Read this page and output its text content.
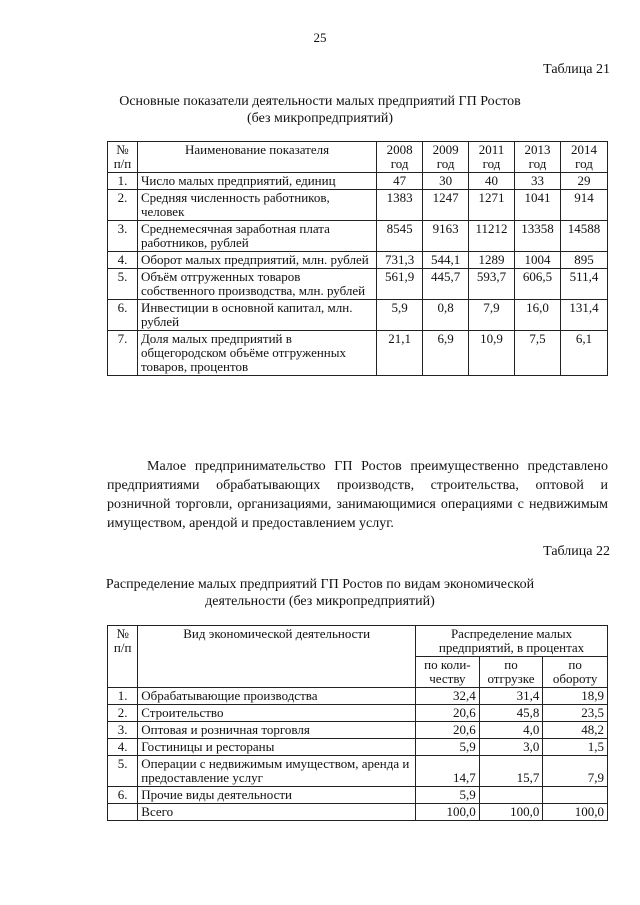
25
Таблица 21
Основные показатели деятельности малых предприятий ГП Ростов
(без микропредприятий)
№ п/п	Наименование показателя	2008 год	2009 год	2011 год	2013 год	2014 год
1.	Число малых предприятий, единиц	47	30	40	33	29
2.	Средняя численность работников, человек	1383	1247	1271	1041	914
3.	Среднемесячная заработная плата работников, рублей	8545	9163	11212	13358	14588
4.	Оборот малых предприятий, млн. рублей	731,3	544,1	1289	1004	895
5.	Объём отгруженных товаров собственного производства, млн. рублей	561,9	445,7	593,7	606,5	511,4
6.	Инвестиции в основной капитал, млн. рублей	5,9	0,8	7,9	16,0	131,4
7.	Доля малых предприятий в общегородском объёме отгруженных товаров, процентов	21,1	6,9	10,9	7,5	6,1
Малое предпринимательство ГП Ростов преимущественно представлено предприятиями обрабатывающих производств, строительства, оптовой и розничной торговли, организациями, занимающимися операциями с недвижимым имуществом, арендой и предоставлением услуг.
Таблица 22
Распределение малых предприятий ГП Ростов по видам экономической
деятельности (без микропредприятий)
№ п/п	Вид экономической деятельности	Распределение малых предприятий, в процентах		
		по коли-честву	по отгрузке	по обороту
1.	Обрабатывающие производства	32,4	31,4	18,9
2.	Строительство	20,6	45,8	23,5
3.	Оптовая и розничная торговля	20,6	4,0	48,2
4.	Гостиницы и рестораны	5,9	3,0	1,5
5.	Операции с недвижимым имуществом, аренда и предоставление услуг	14,7	15,7	7,9
6.	Прочие виды деятельности	5,9		
	Всего	100,0	100,0	100,0
